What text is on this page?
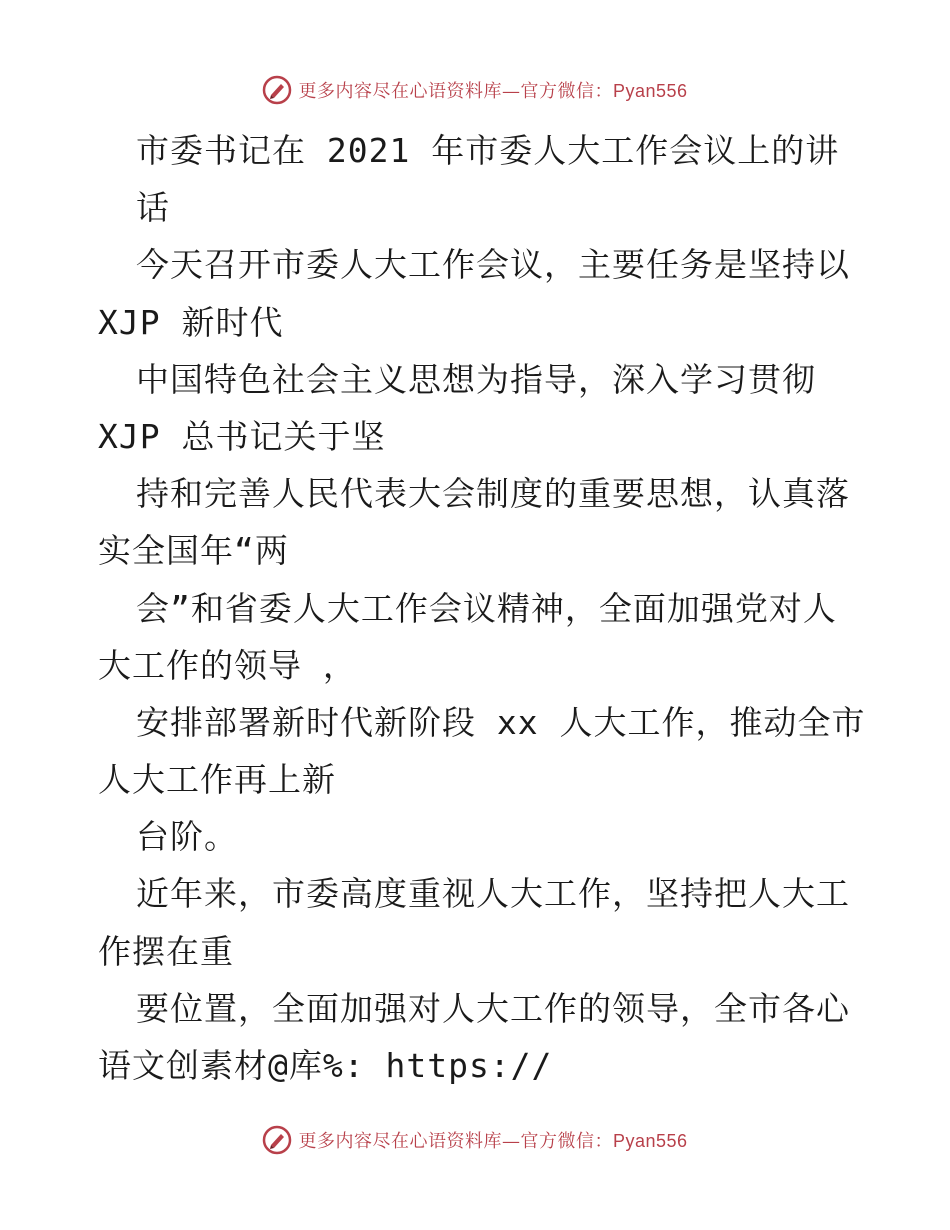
更多内容尽在心语资料库—官方微信：Pyan556
市委书记在 2021 年市委人大工作会议上的讲
话
今天召开市委人大工作会议，主要任务是坚持以
XJP 新时代
中国特色社会主义思想为指导，深入学习贯彻
XJP 总书记关于坚
持和完善人民代表大会制度的重要思想，认真落
实全国年“两
会”和省委人大工作会议精神，全面加强党对人
大工作的领导 ，
安排部署新时代新阶段 xx 人大工作，推动全市
人大工作再上新
台阶。
近年来，市委高度重视人大工作，坚持把人大工
作摆在重
要位置，全面加强对人大工作的领导，全市各心
语文创素材@库%: https://
更多内容尽在心语资料库—官方微信：Pyan556
